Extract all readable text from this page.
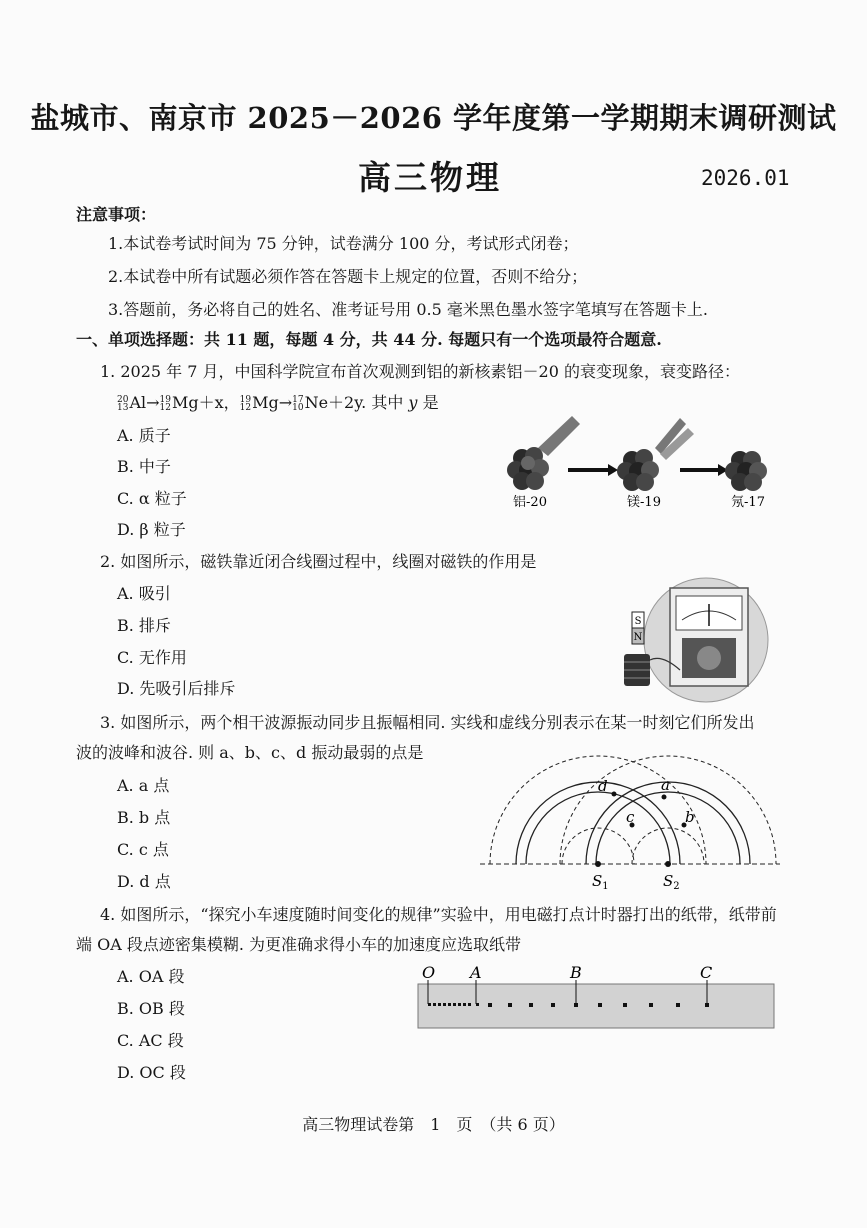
盐城市、南京市 2025－2026 学年度第一学期期末调研测试
高三物理	2026.01
注意事项：
1.本试卷考试时间为 75 分钟，试卷满分 100 分，考试形式闭卷；
2.本试卷中所有试题必须作答在答题卡上规定的位置，否则不给分；
3.答题前，务必将自己的姓名、准考证号用 0.5 毫米黑色墨水签字笔填写在答题卡上.
一、单项选择题：共 11 题，每题 4 分，共 44 分. 每题只有一个选项最符合题意.
1. 2025 年 7 月，中国科学院宣布首次观测到铝的新核素铝－20 的衰变现象，衰变路径：
20
13 Al→ 19
12 Mg＋x， 19
12 Mg→ 17
10 Ne＋2y. 其中 y 是
A. 质子
B. 中子
C. α 粒子
D. β 粒子
铝-20	镁-19	氖-17
2. 如图所示，磁铁靠近闭合线圈过程中，线圈对磁铁的作用是
A. 吸引
B. 排斥
C. 无作用
D. 先吸引后排斥
S
N
3. 如图所示，两个相干波源振动同步且振幅相同. 实线和虚线分别表示在某一时刻它们所发出
波的波峰和波谷. 则 a、b、c、d 振动最弱的点是
A. a 点
B. b 点
C. c 点
D. d 点
d	a
c	b
$S_1$	$S_2$
4. 如图所示，“探究小车速度随时间变化的规律”实验中，用电磁打点计时器打出的纸带，纸带前
端 OA 段点迹密集模糊. 为更准确求得小车的加速度应选取纸带
A. OA 段
B. OB 段
C. AC 段
D. OC 段
O A	B	C
高三物理试卷第　1　页　（共 6 页）
